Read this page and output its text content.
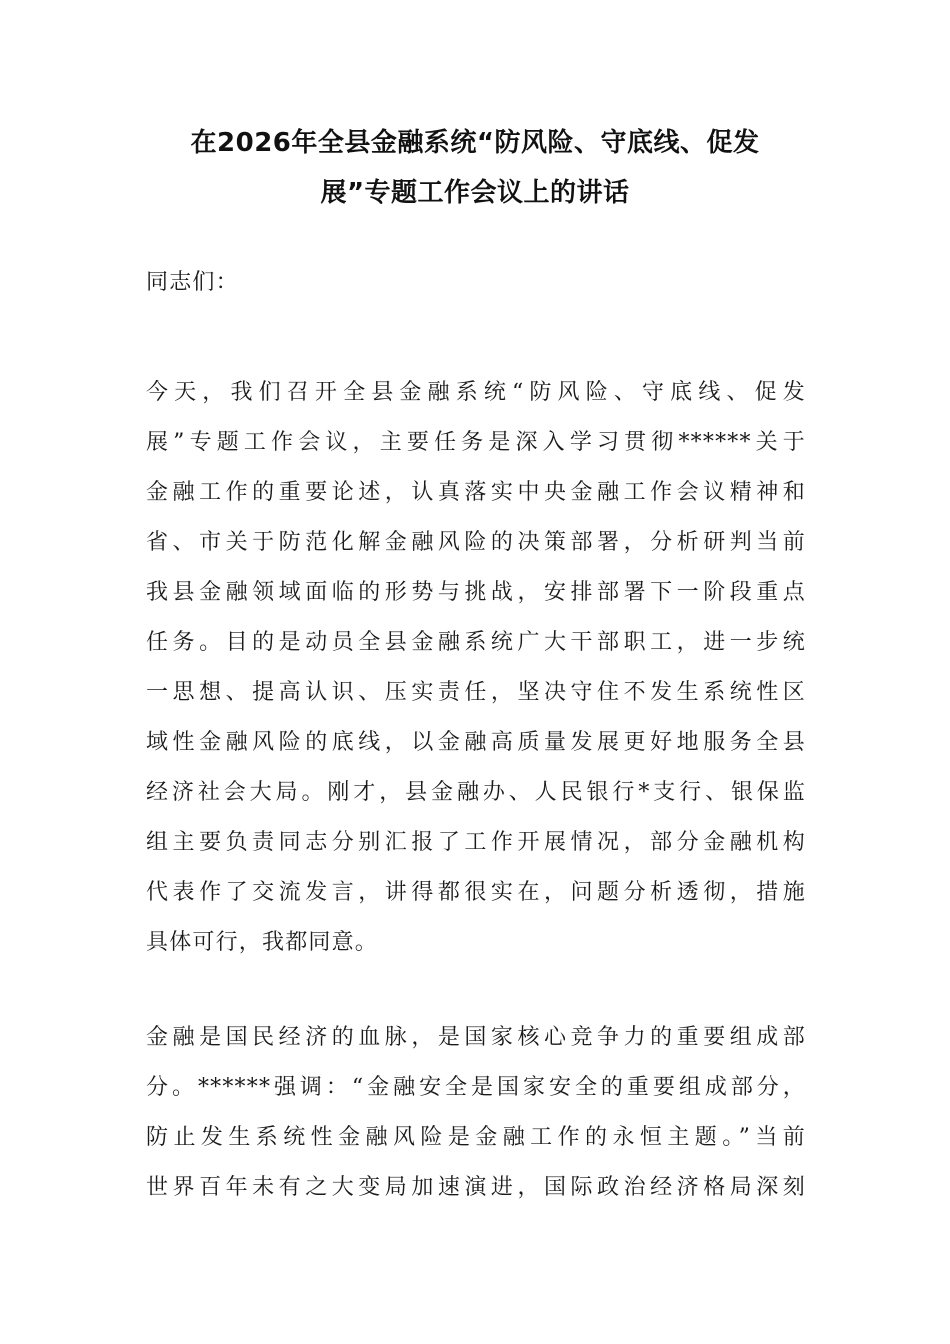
在2026年全县金融系统“防风险、守底线、促发
展”专题工作会议上的讲话

同志们：

今天，我们召开全县金融系统“防风险、守底线、促发
展”专题工作会议，主要任务是深入学习贯彻******关于
金融工作的重要论述，认真落实中央金融工作会议精神和
省、市关于防范化解金融风险的决策部署，分析研判当前
我县金融领域面临的形势与挑战，安排部署下一阶段重点
任务。目的是动员全县金融系统广大干部职工，进一步统
一思想、提高认识、压实责任，坚决守住不发生系统性区
域性金融风险的底线，以金融高质量发展更好地服务全县
经济社会大局。刚才，县金融办、人民银行*支行、银保监
组主要负责同志分别汇报了工作开展情况，部分金融机构
代表作了交流发言，讲得都很实在，问题分析透彻，措施
具体可行，我都同意。

金融是国民经济的血脉，是国家核心竞争力的重要组成部
分。******强调：“金融安全是国家安全的重要组成部分，
防止发生系统性金融风险是金融工作的永恒主题。”当前
世界百年未有之大变局加速演进，国际政治经济格局深刻
